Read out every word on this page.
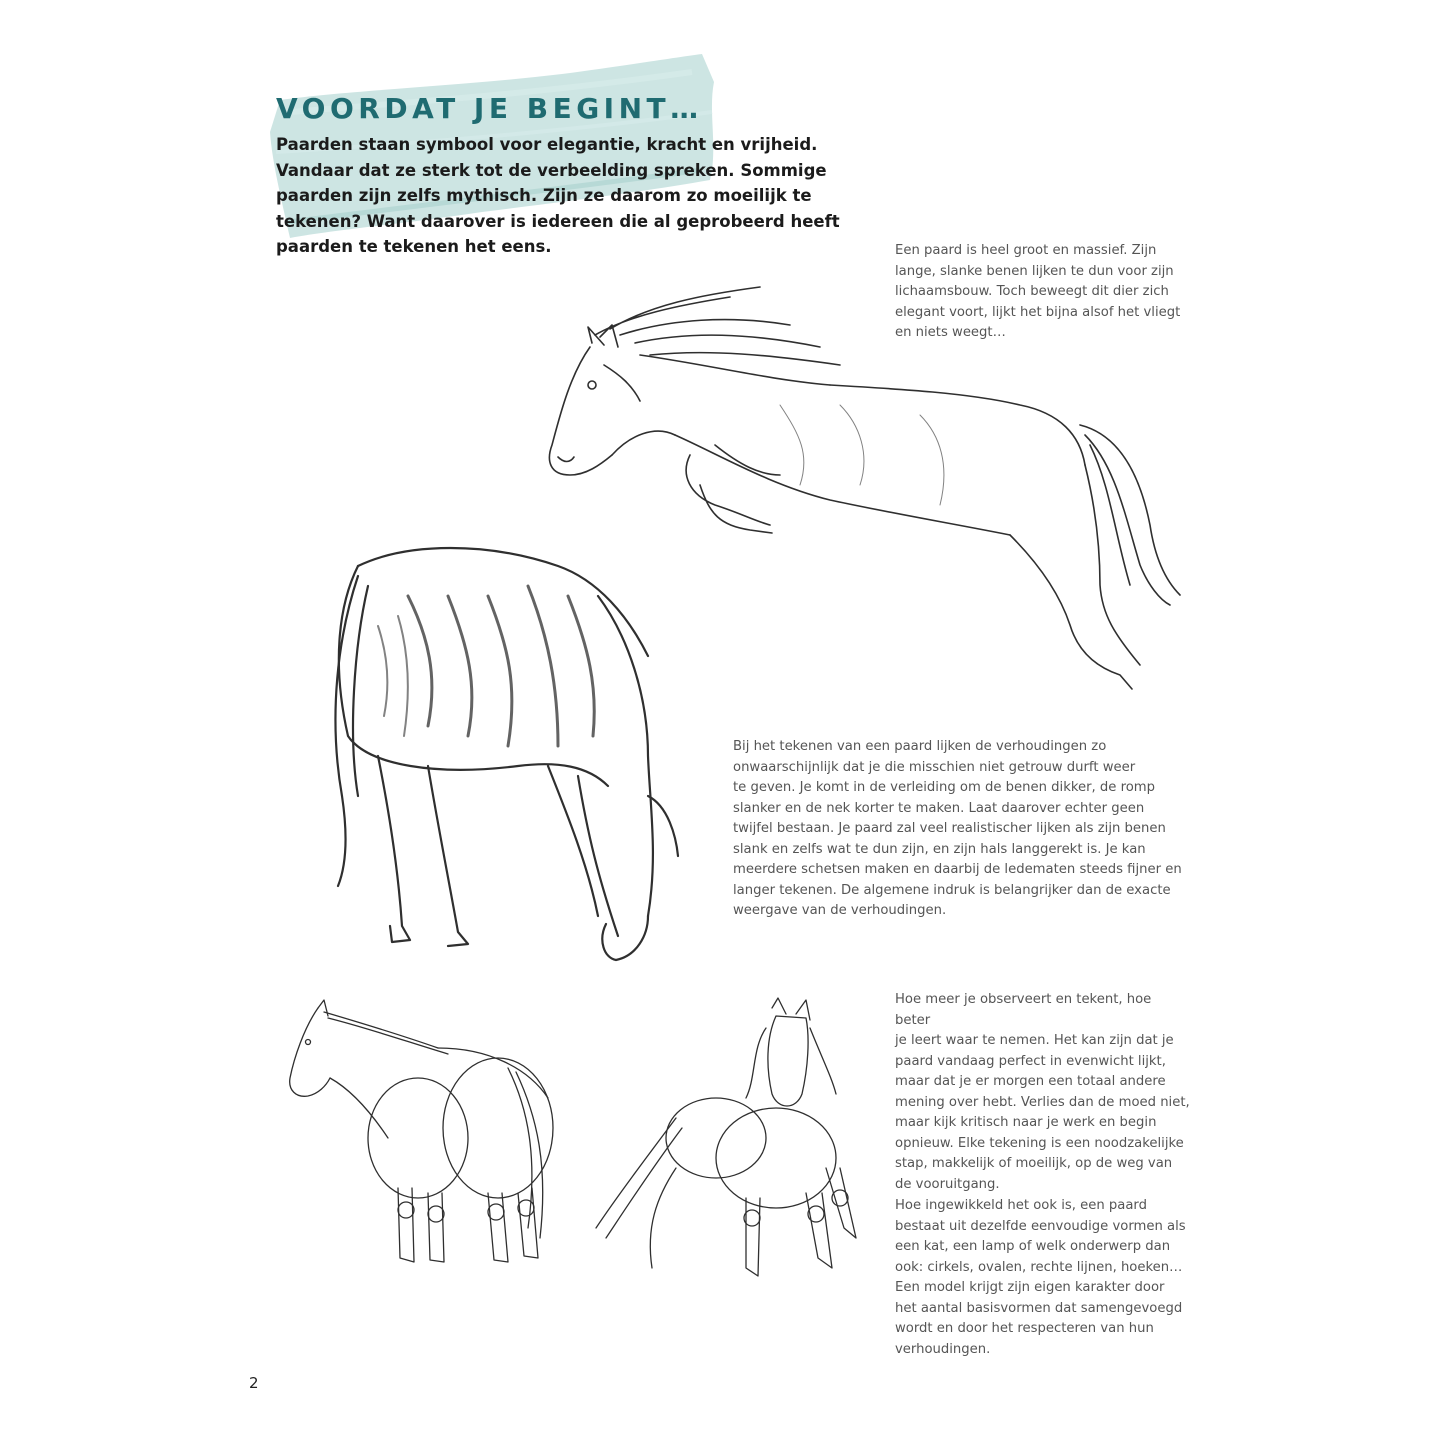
VOORDAT JE BEGINT…

Paarden staan symbool voor elegantie, kracht en vrijheid. Vandaar dat ze sterk tot de verbeelding spreken. Sommige paarden zijn zelfs mythisch. Zijn ze daarom zo moeilijk te tekenen? Want daarover is iedereen die al geprobeerd heeft paarden te tekenen het eens.	Een paard is heel groot en massief. Zijn
lange, slanke benen lijken te dun voor zijn
lichaamsbouw. Toch beweegt dit dier zich
elegant voort, lijkt het bijna alsof het vliegt
en niets weegt…

Bij het tekenen van een paard lijken de verhoudingen zo
onwaarschijnlijk dat je die misschien niet getrouw durft weer
te geven. Je komt in de verleiding om de benen dikker, de romp
slanker en de nek korter te maken. Laat daarover echter geen
twijfel bestaan. Je paard zal veel realistischer lijken als zijn benen
slank en zelfs wat te dun zijn, en zijn hals langgerekt is. Je kan
meerdere schetsen maken en daarbij de ledematen steeds fijner en
langer tekenen. De algemene indruk is belangrijker dan de exacte
weergave van de verhoudingen.

Hoe meer je observeert en tekent, hoe beter
je leert waar te nemen. Het kan zijn dat je
paard vandaag perfect in evenwicht lijkt,
maar dat je er morgen een totaal andere
mening over hebt. Verlies dan de moed niet,
maar kijk kritisch naar je werk en begin
opnieuw. Elke tekening is een noodzakelijke
stap, makkelijk of moeilijk, op de weg van
de vooruitgang.

Hoe ingewikkeld het ook is, een paard
bestaat uit dezelfde eenvoudige vormen als
een kat, een lamp of welk onderwerp dan
ook: cirkels, ovalen, rechte lijnen, hoeken…
Een model krijgt zijn eigen karakter door
het aantal basisvormen dat samengevoegd
wordt en door het respecteren van hun
verhoudingen.

2
